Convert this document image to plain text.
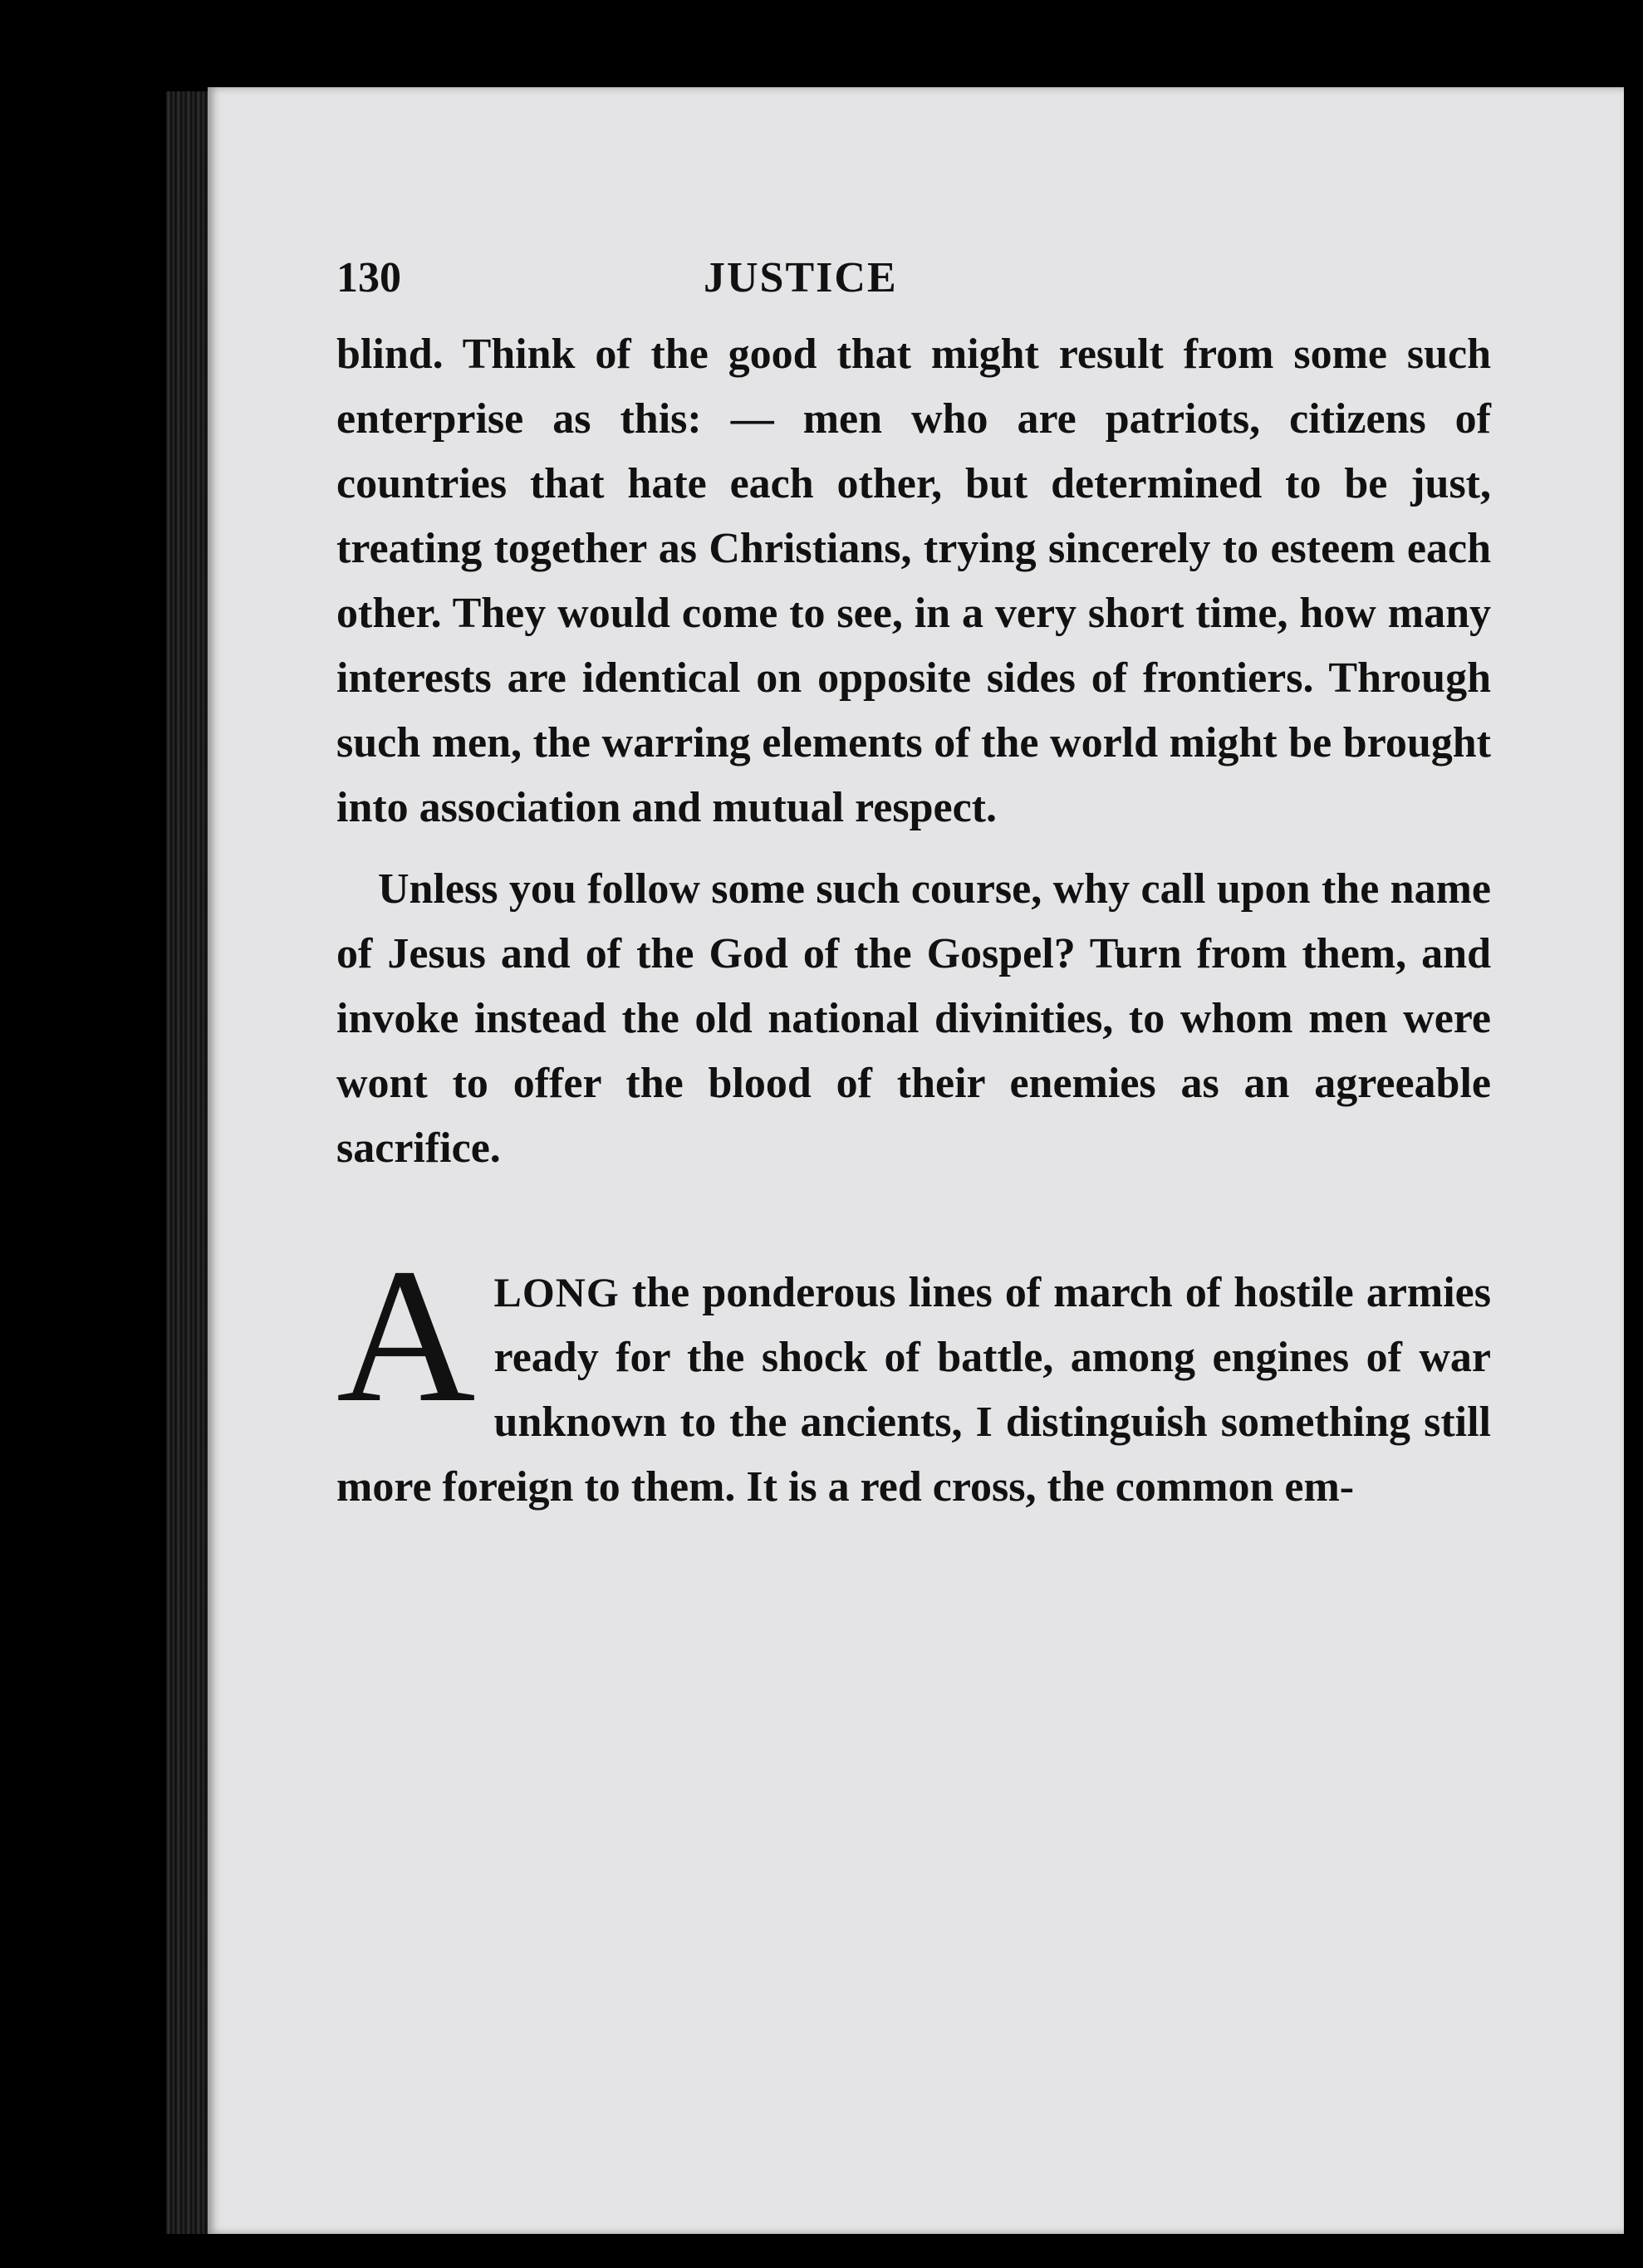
130	JUSTICE

blind. Think of the good that might result from some such enterprise as this: — men who are patriots, citizens of countries that hate each other, but determined to be just, treating together as Christians, trying sincerely to esteem each other. They would come to see, in a very short time, how many interests are identical on opposite sides of frontiers. Through such men, the warring elements of the world might be brought into association and mutual respect.

Unless you follow some such course, why call upon the name of Jesus and of the God of the Gospel? Turn from them, and invoke instead the old national divinities, to whom men were wont to offer the blood of their enemies as an agreeable sacrifice.

ALONG the ponderous lines of march of hostile armies ready for the shock of battle, among engines of war unknown to the ancients, I distinguish something still more foreign to them. It is a red cross, the common em-
